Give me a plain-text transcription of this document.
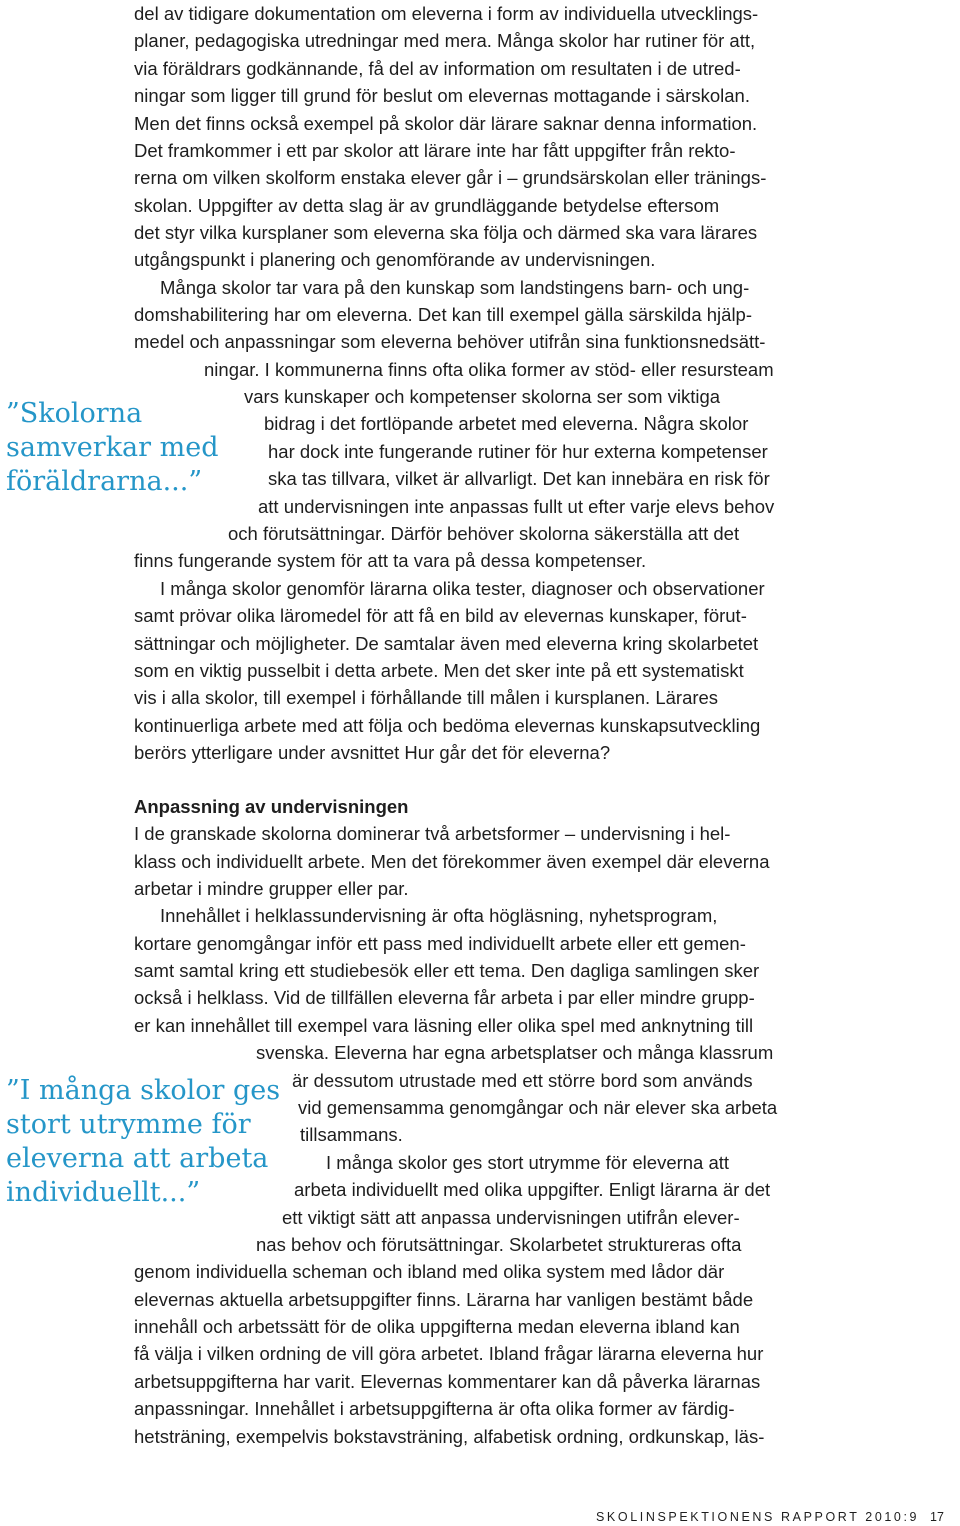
del av tidigare dokumentation om eleverna i form av individuella utvecklings-
planer, pedagogiska utredningar med mera. Många skolor har rutiner för att,
via föräldrars godkännande, få del av information om resultaten i de utred-
ningar som ligger till grund för beslut om elevernas mottagande i särskolan.
Men det finns också exempel på skolor där lärare saknar denna information.
Det framkommer i ett par skolor att lärare inte har fått uppgifter från rekto-
rerna om vilken skolform enstaka elever går i – grundsärskolan eller tränings-
skolan. Uppgifter av detta slag är av grundläggande betydelse eftersom
det styr vilka kursplaner som eleverna ska följa och därmed ska vara lärares
utgångspunkt i planering och genomförande av undervisningen.
Många skolor tar vara på den kunskap som landstingens barn- och ung-
domshabilitering har om eleverna. Det kan till exempel gälla särskilda hjälp-
medel och anpassningar som eleverna behöver utifrån sina funktionsnedsätt-
ningar. I kommunerna finns ofta olika former av stöd- eller resursteam
vars kunskaper och kompetenser skolorna ser som viktiga
bidrag i det fortlöpande arbetet med eleverna. Några skolor
har dock inte fungerande rutiner för hur externa kompetenser
ska tas tillvara, vilket är allvarligt. Det kan innebära en risk för
att undervisningen inte anpassas fullt ut efter varje elevs behov
och förutsättningar. Därför behöver skolorna säkerställa att det
finns fungerande system för att ta vara på dessa kompetenser.
I många skolor genomför lärarna olika tester, diagnoser och observationer
samt prövar olika läromedel för att få en bild av elevernas kunskaper, förut-
sättningar och möjligheter. De samtalar även med eleverna kring skolarbetet
som en viktig pusselbit i detta arbete. Men det sker inte på ett systematiskt
vis i alla skolor, till exempel i förhållande till målen i kursplanen. Lärares
kontinuerliga arbete med att följa och bedöma elevernas kunskapsutveckling
berörs ytterligare under avsnittet Hur går det för eleverna?
”Skolorna
samverkar med
föräldrarna...”
Anpassning av undervisningen
I de granskade skolorna dominerar två arbetsformer – undervisning i hel-
klass och individuellt arbete. Men det förekommer även exempel där eleverna
arbetar i mindre grupper eller par.
Innehållet i helklassundervisning är ofta högläsning, nyhetsprogram,
kortare genomgångar inför ett pass med individuellt arbete eller ett gemen-
samt samtal kring ett studiebesök eller ett tema. Den dagliga samlingen sker
också i helklass. Vid de tillfällen eleverna får arbeta i par eller mindre grupp-
er kan innehållet till exempel vara läsning eller olika spel med anknytning till
svenska. Eleverna har egna arbetsplatser och många klassrum
är dessutom utrustade med ett större bord som används
vid gemensamma genomgångar och när elever ska arbeta
tillsammans.
I många skolor ges stort utrymme för eleverna att
arbeta individuellt med olika uppgifter. Enligt lärarna är det
ett viktigt sätt att anpassa undervisningen utifrån elever-
nas behov och förutsättningar. Skolarbetet struktureras ofta
genom individuella scheman och ibland med olika system med lådor där
elevernas aktuella arbetsuppgifter finns. Lärarna har vanligen bestämt både
innehåll och arbetssätt för de olika uppgifterna medan eleverna ibland kan
få välja i vilken ordning de vill göra arbetet. Ibland frågar lärarna eleverna hur
arbetsuppgifterna har varit. Elevernas kommentarer kan då påverka lärarnas
anpassningar. Innehållet i arbetsuppgifterna är ofta olika former av färdig-
hetsträning, exempelvis bokstavsträning, alfabetisk ordning, ordkunskap, läs-
”I många skolor ges
stort utrymme för
eleverna att arbeta
individuellt...”
SKOLINSPEKTIONENS RAPPORT 2010:9 17
